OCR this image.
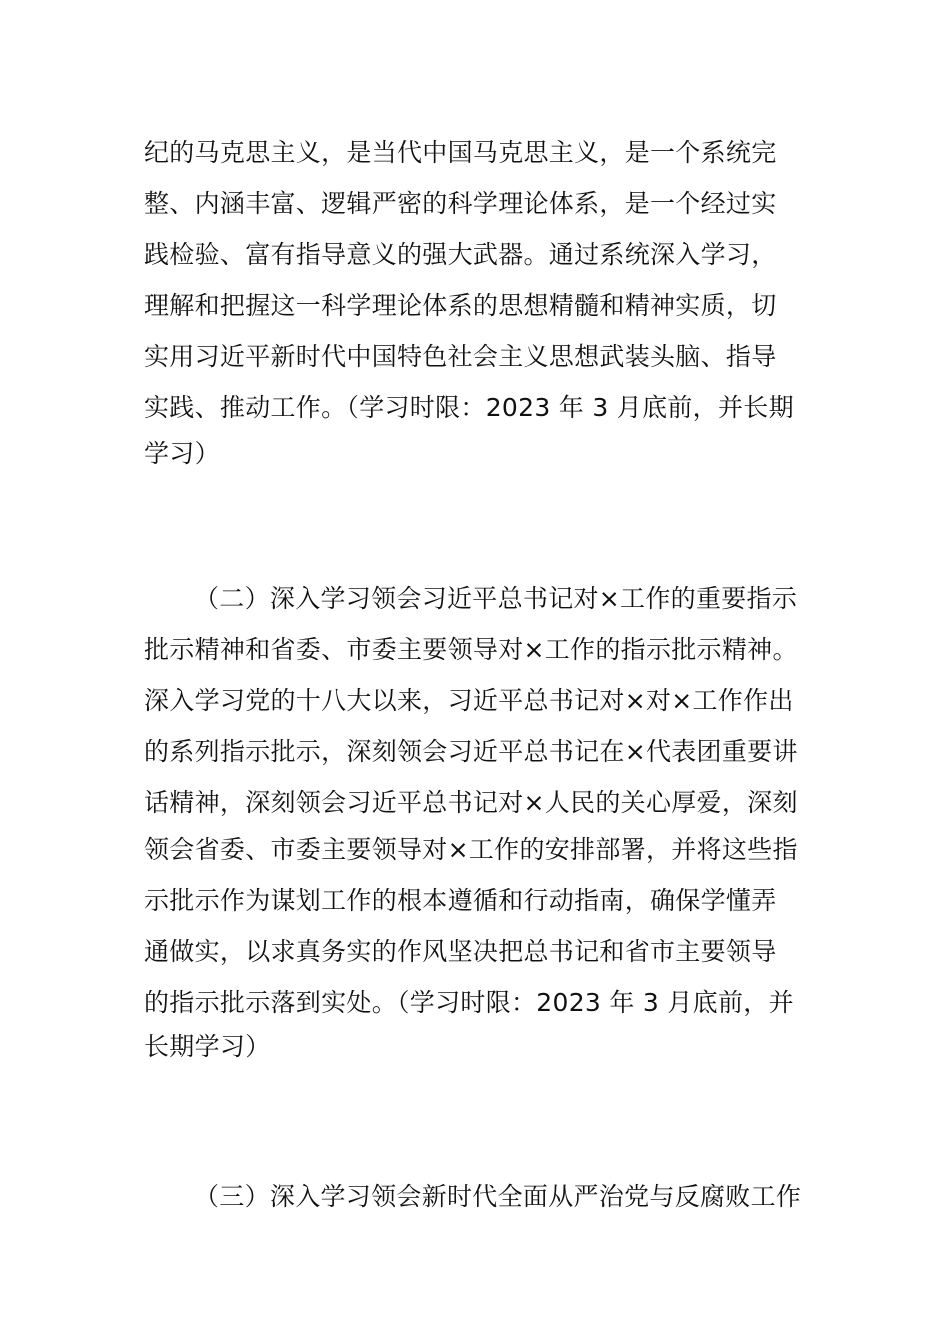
纪的马克思主义，是当代中国马克思主义，是一个系统完

整、内涵丰富、逻辑严密的科学理论体系，是一个经过实

践检验、富有指导意义的强大武器。通过系统深入学习，

理解和把握这一科学理论体系的思想精髓和精神实质，切

实用习近平新时代中国特色社会主义思想武装头脑、指导

实践、推动工作。（学习时限：2023 年 3 月底前，并长期

学习）

（二）深入学习领会习近平总书记对×工作的重要指示

批示精神和省委、市委主要领导对×工作的指示批示精神。

深入学习党的十八大以来，习近平总书记对×对×工作作出

的系列指示批示，深刻领会习近平总书记在×代表团重要讲

话精神，深刻领会习近平总书记对×人民的关心厚爱，深刻

领会省委、市委主要领导对×工作的安排部署，并将这些指

示批示作为谋划工作的根本遵循和行动指南，确保学懂弄

通做实，以求真务实的作风坚决把总书记和省市主要领导

的指示批示落到实处。（学习时限：2023 年 3 月底前，并

长期学习）

（三）深入学习领会新时代全面从严治党与反腐败工作
